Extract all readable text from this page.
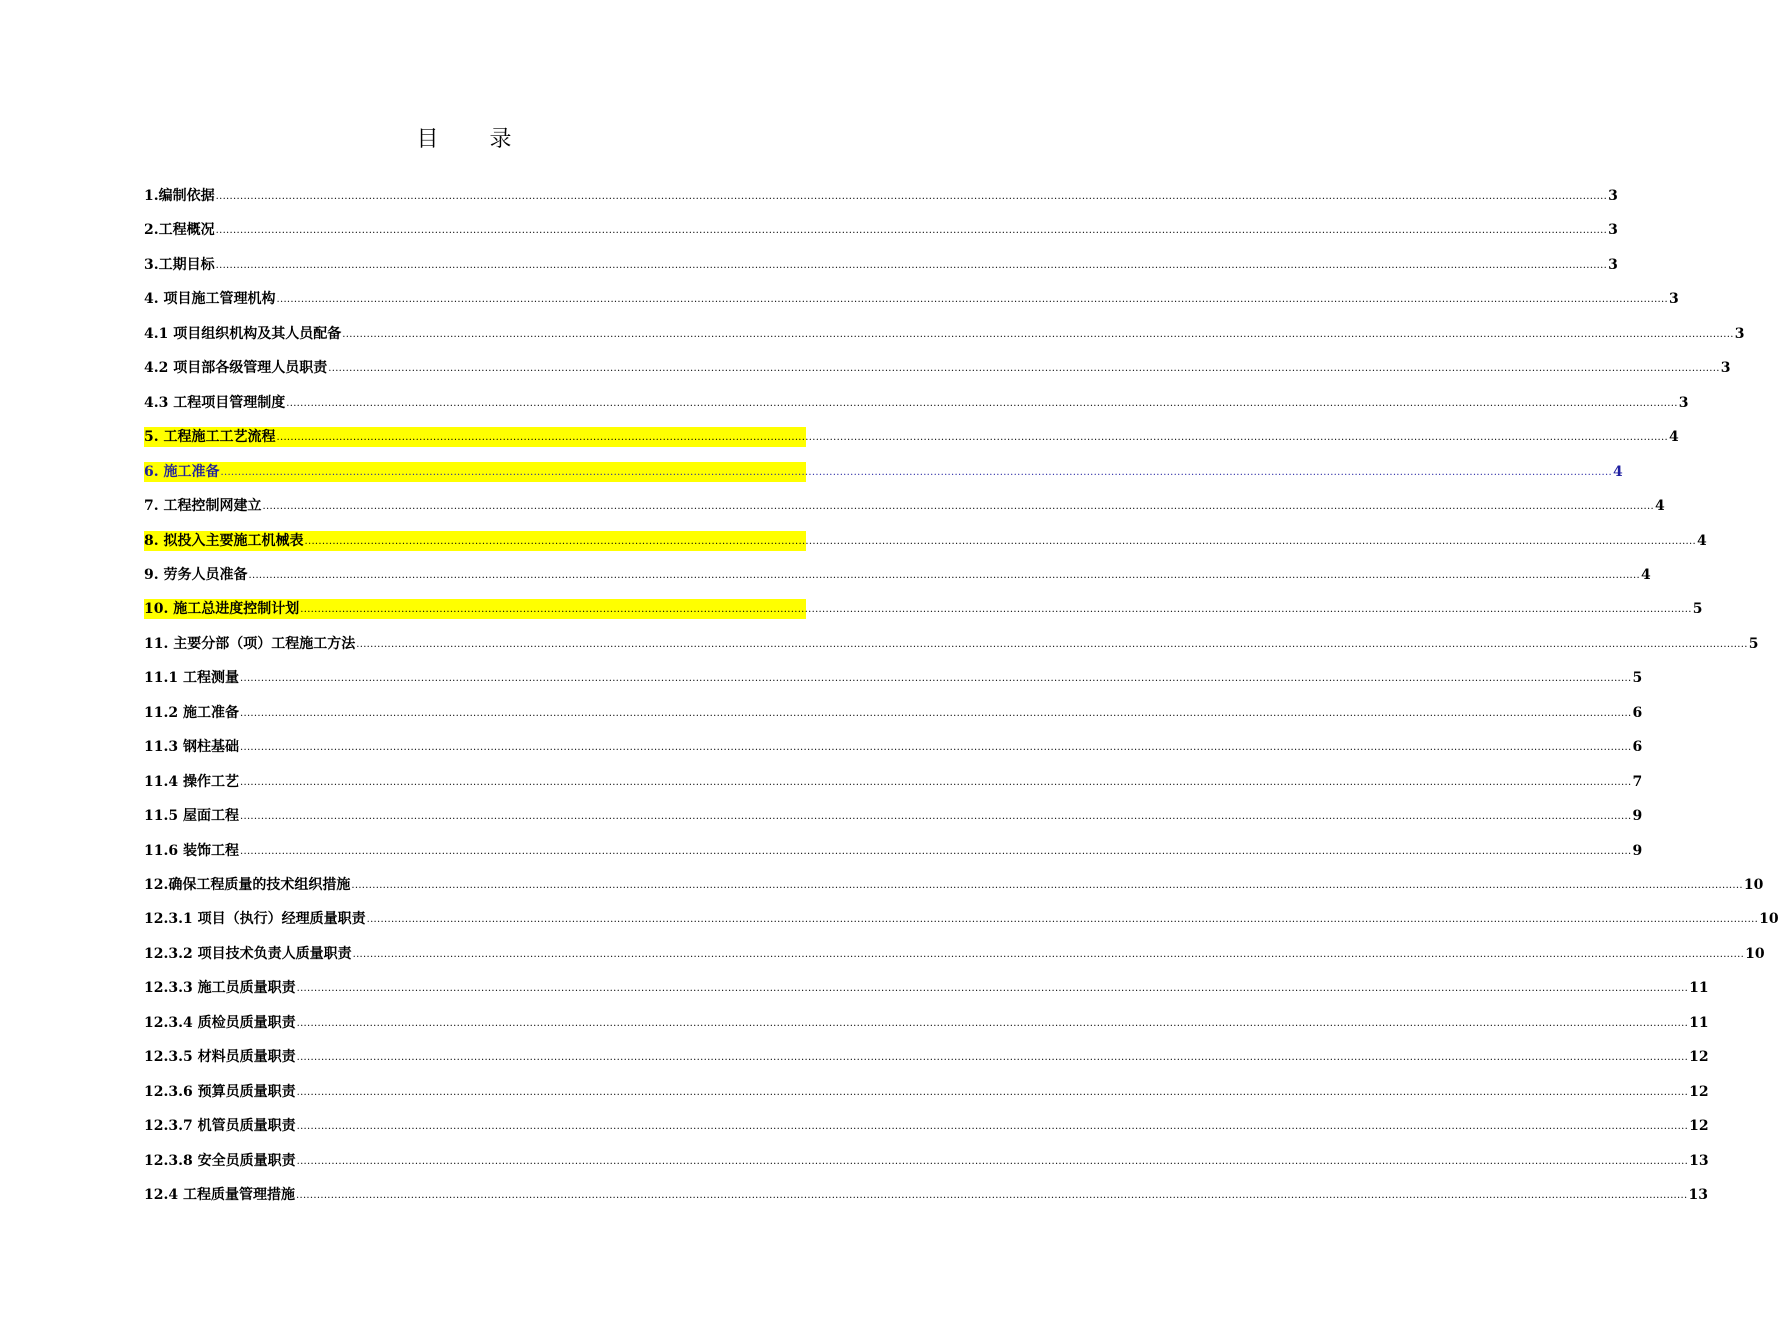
目 录
1.编制依据 ................................................................................................................................................................................................................................................................................................................................................................................................................ 3
2.工程概况 ................................................................................................................................................................................................................................................................................................................................................................................................................ 3
3.工期目标 ................................................................................................................................................................................................................................................................................................................................................................................................................ 3
4. 项目施工管理机构 ................................................................................................................................................................................................................................................................................................................................................................................................................ 3
4.1 项目组织机构及其人员配备 ................................................................................................................................................................................................................................................................................................................................................................................................................ 3
4.2 项目部各级管理人员职责 ................................................................................................................................................................................................................................................................................................................................................................................................................ 3
4.3 工程项目管理制度 ................................................................................................................................................................................................................................................................................................................................................................................................................ 3
5. 工程施工工艺流程 ................................................................................................................................................................................................................................................................................................................................................................................................................ 4
6. 施工准备 ................................................................................................................................................................................................................................................................................................................................................................................................................ 4
7. 工程控制网建立 ................................................................................................................................................................................................................................................................................................................................................................................................................ 4
8. 拟投入主要施工机械表 ................................................................................................................................................................................................................................................................................................................................................................................................................ 4
9. 劳务人员准备 ................................................................................................................................................................................................................................................................................................................................................................................................................ 4
10. 施工总进度控制计划 ................................................................................................................................................................................................................................................................................................................................................................................................................ 5
11. 主要分部（项）工程施工方法 ................................................................................................................................................................................................................................................................................................................................................................................................................ 5
11.1 工程测量 ................................................................................................................................................................................................................................................................................................................................................................................................................ 5
11.2 施工准备 ................................................................................................................................................................................................................................................................................................................................................................................................................ 6
11.3 钢柱基础 ................................................................................................................................................................................................................................................................................................................................................................................................................ 6
11.4 操作工艺 ................................................................................................................................................................................................................................................................................................................................................................................................................ 7
11.5 屋面工程 ................................................................................................................................................................................................................................................................................................................................................................................................................ 9
11.6 装饰工程 ................................................................................................................................................................................................................................................................................................................................................................................................................ 9
12.确保工程质量的技术组织措施 ................................................................................................................................................................................................................................................................................................................................................................................................................ 10
12.3.1 项目（执行）经理质量职责 ................................................................................................................................................................................................................................................................................................................................................................................................................ 10
12.3.2 项目技术负责人质量职责 ................................................................................................................................................................................................................................................................................................................................................................................................................ 10
12.3.3 施工员质量职责 ................................................................................................................................................................................................................................................................................................................................................................................................................ 11
12.3.4 质检员质量职责 ................................................................................................................................................................................................................................................................................................................................................................................................................ 11
12.3.5 材料员质量职责 ................................................................................................................................................................................................................................................................................................................................................................................................................ 12
12.3.6 预算员质量职责 ................................................................................................................................................................................................................................................................................................................................................................................................................ 12
12.3.7 机管员质量职责 ................................................................................................................................................................................................................................................................................................................................................................................................................ 12
12.3.8 安全员质量职责 ................................................................................................................................................................................................................................................................................................................................................................................................................ 13
12.4 工程质量管理措施 ................................................................................................................................................................................................................................................................................................................................................................................................................ 13
